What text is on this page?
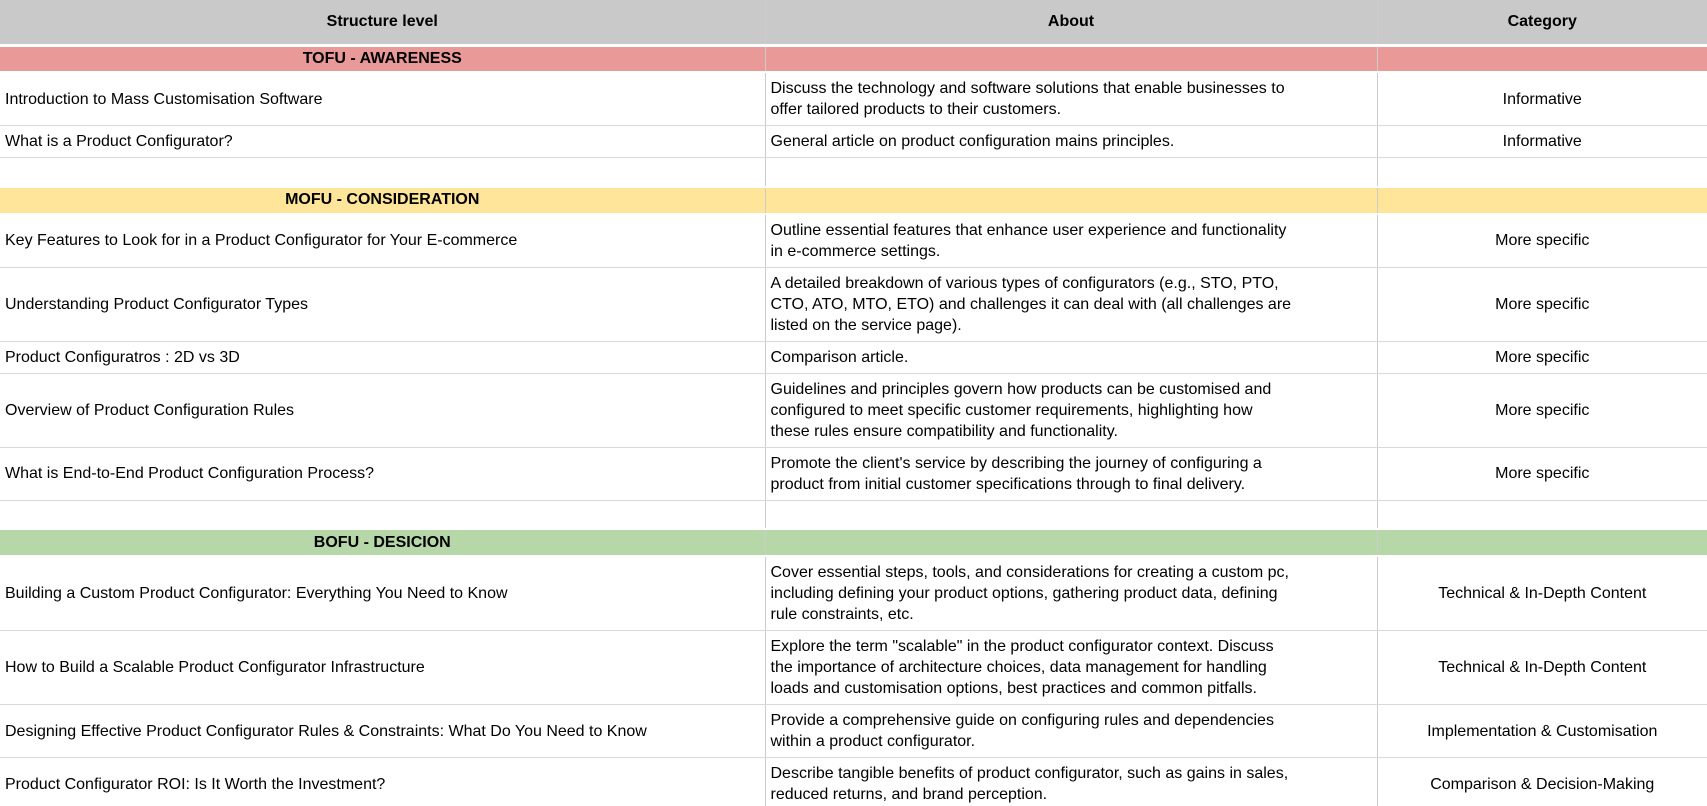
Structure level	About	Category
TOFU - AWARENESS		
Introduction to Mass Customisation Software	Discuss the technology and software solutions that enable businesses to offer tailored products to their customers.	Informative
What is a Product Configurator?	General article on product configuration mains principles.	Informative

MOFU - CONSIDERATION		
Key Features to Look for in a Product Configurator for Your E-commerce	Outline essential features that enhance user experience and functionality in e-commerce settings.	More specific
Understanding Product Configurator Types	A detailed breakdown of various types of configurators (e.g., STO, PTO, CTO, ATO, MTO, ETO) and challenges it can deal with (all challenges are listed on the service page).	More specific
Product Configuratros : 2D vs 3D	Comparison article.	More specific
Overview of Product Configuration Rules	Guidelines and principles govern how products can be customised and configured to meet specific customer requirements, highlighting how these rules ensure compatibility and functionality.	More specific
What is End-to-End Product Configuration Process?	Promote the client's service by describing the journey of configuring a product from initial customer specifications through to final delivery.	More specific

BOFU - DESICION		
Building a Custom Product Configurator: Everything You Need to Know	Cover essential steps, tools, and considerations for creating a custom pc, including defining your product options, gathering product data, defining rule constraints, etc.	Technical & In-Depth Content
How to Build a Scalable Product Configurator Infrastructure	Explore the term "scalable" in the product configurator context. Discuss the importance of architecture choices, data management for handling loads and customisation options, best practices and common pitfalls.	Technical & In-Depth Content
Designing Effective Product Configurator Rules & Constraints: What Do You Need to Know	Provide a comprehensive guide on configuring rules and dependencies within a product configurator.	Implementation & Customisation
Product Configurator ROI: Is It Worth the Investment?	Describe tangible benefits of product configurator, such as gains in sales, reduced returns, and brand perception.	Comparison & Decision-Making
